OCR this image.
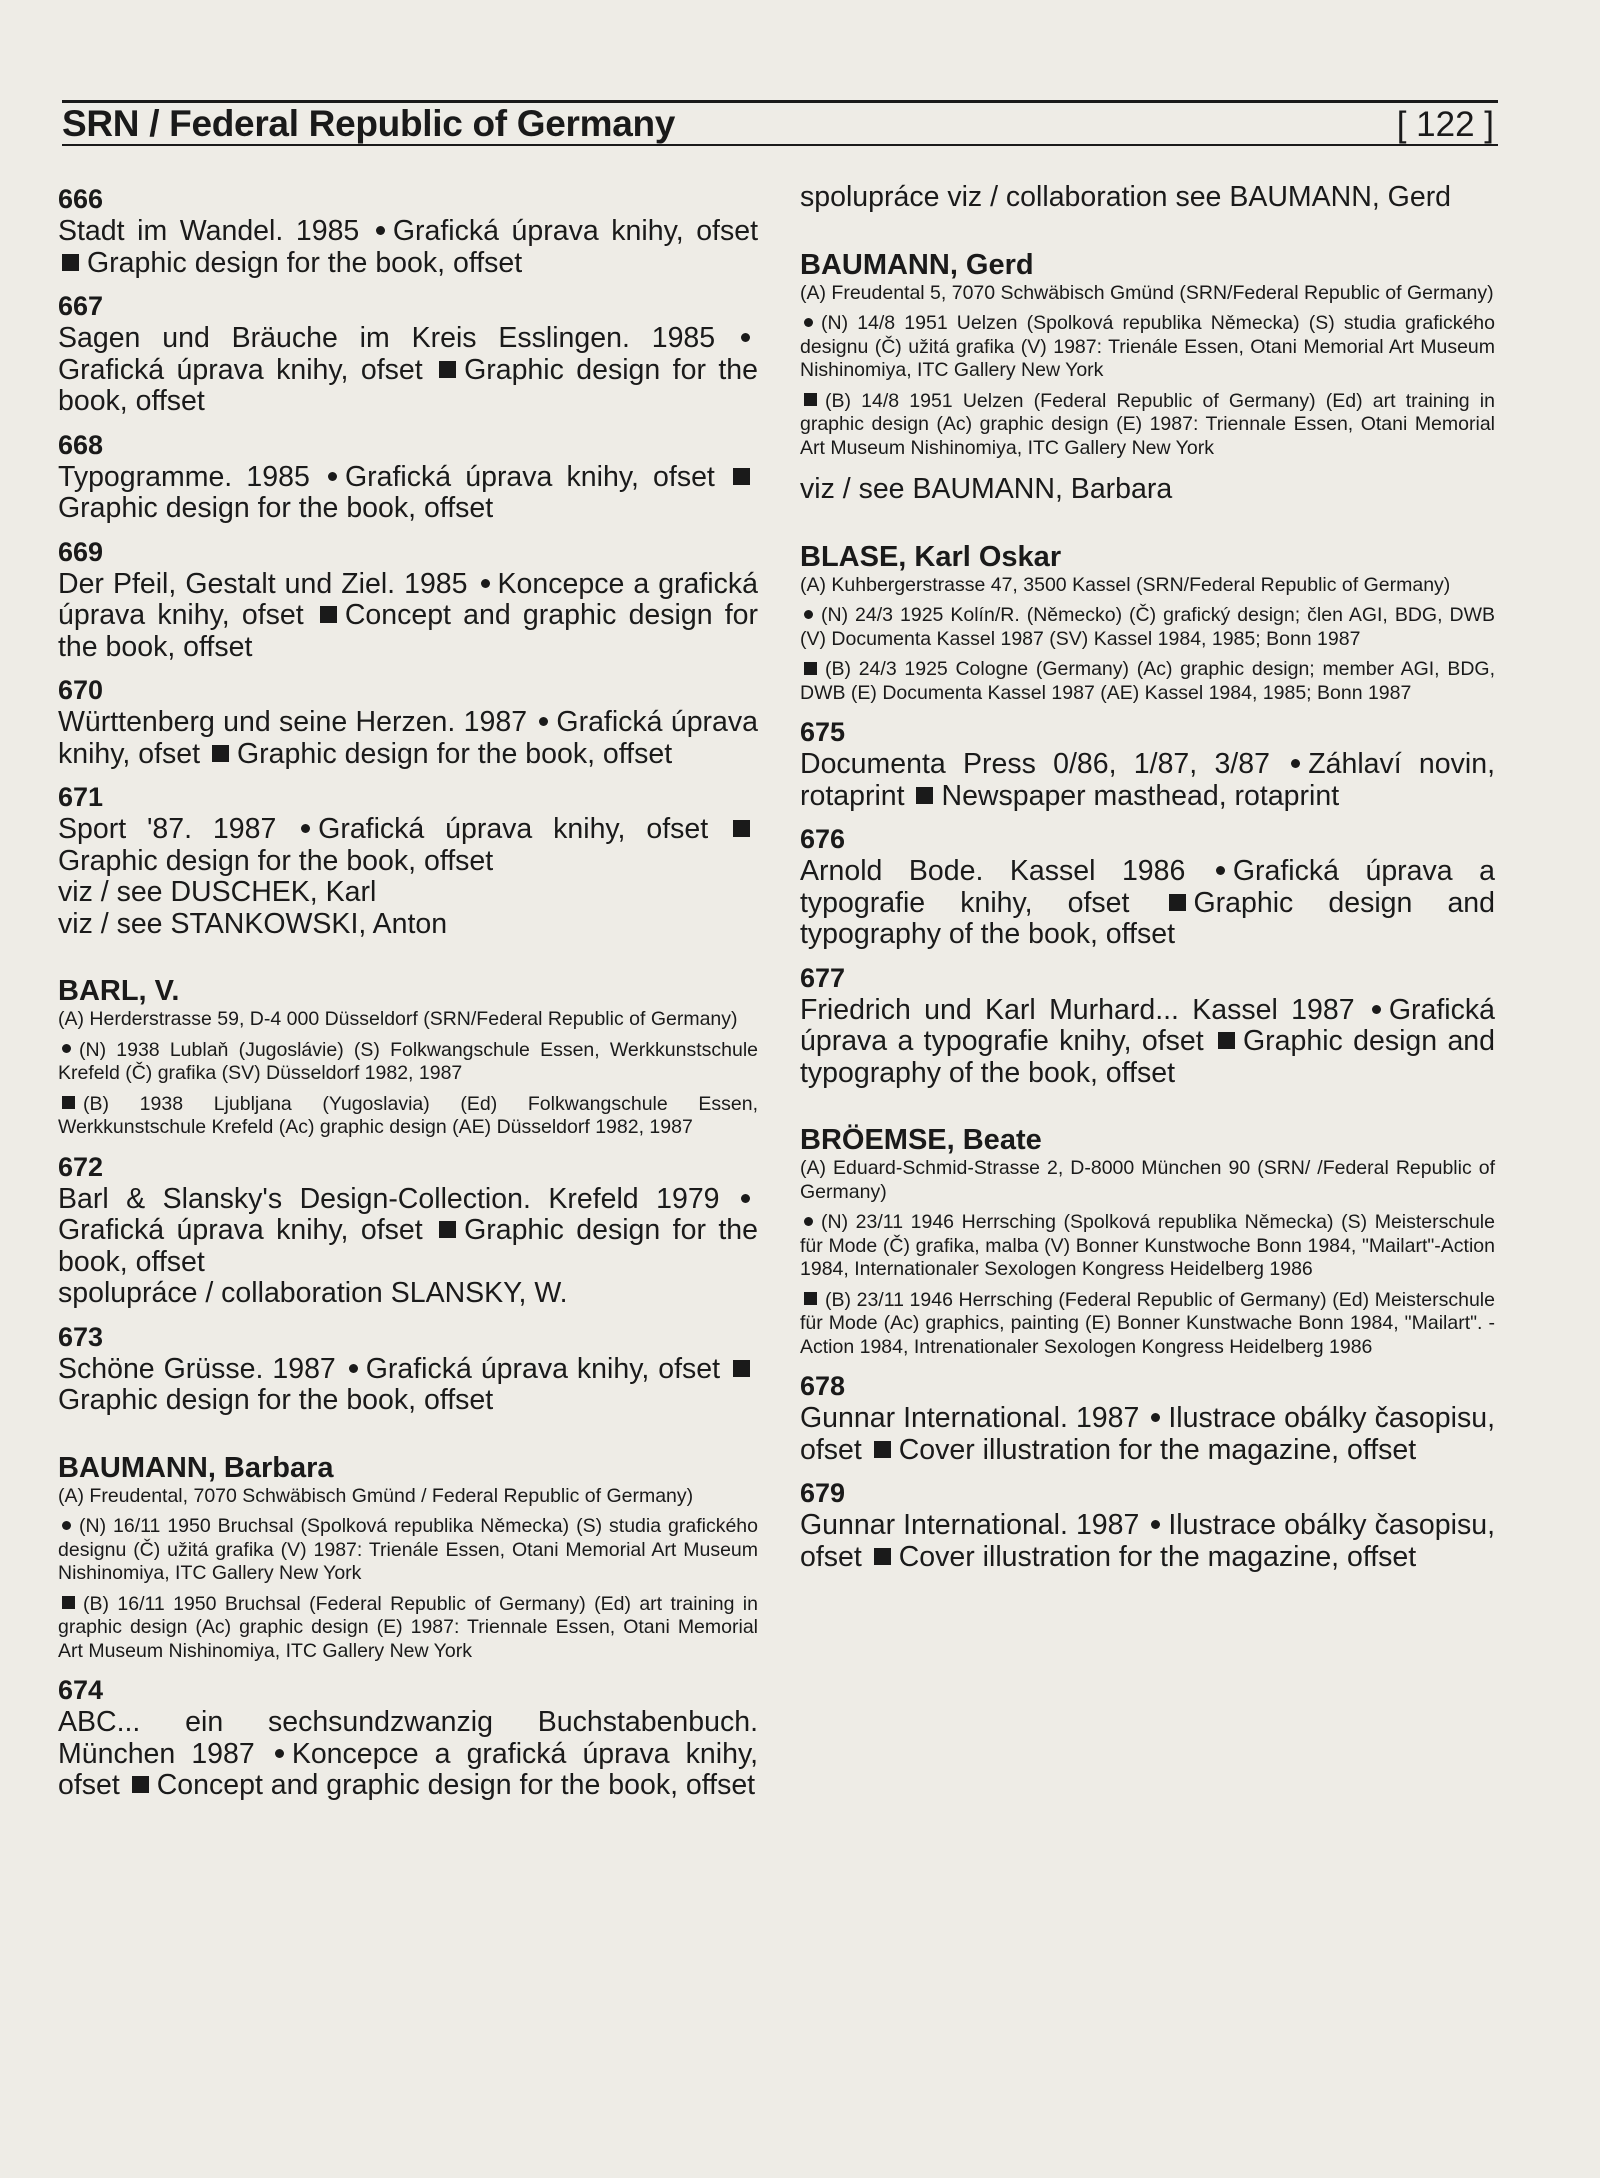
SRN / Federal Republic of Germany	[ 122 ]
666
Stadt im Wandel. 1985 Grafická úprava knihy, ofset Graphic design for the book, offset
667
Sagen und Bräuche im Kreis Esslingen. 1985 Grafická úprava knihy, ofset Graphic design for the book, offset
668
Typogramme. 1985 Grafická úprava knihy, ofset Graphic design for the book, offset
669
Der Pfeil, Gestalt und Ziel. 1985 Koncepce a grafická úprava knihy, ofset Concept and graphic design for the book, offset
670
Württenberg und seine Herzen. 1987 Grafická úprava knihy, ofset Graphic design for the book, offset
671
Sport '87. 1987 Grafická úprava knihy, ofset Graphic design for the book, offset
viz / see DUSCHEK, Karl
viz / see STANKOWSKI, Anton
BARL, V.
(A) Herderstrasse 59, D-4 000 Düsseldorf (SRN/Federal Republic of Germany)
(N) 1938 Lublaň (Jugoslávie) (S) Folkwangschule Essen, Werkkunstschule Krefeld (Č) grafika (SV) Düsseldorf 1982, 1987
(B) 1938 Ljubljana (Yugoslavia) (Ed) Folkwangschule Essen, Werkkunstschule Krefeld (Ac) graphic design (AE) Düsseldorf 1982, 1987
672
Barl & Slansky's Design-Collection. Krefeld 1979 Grafická úprava knihy, ofset Graphic design for the book, offset
spolupráce / collaboration SLANSKY, W.
673
Schöne Grüsse. 1987 Grafická úprava knihy, ofset Graphic design for the book, offset
BAUMANN, Barbara
(A) Freudental, 7070 Schwäbisch Gmünd / Federal Republic of Germany)
(N) 16/11 1950 Bruchsal (Spolková republika Německa) (S) studia grafického designu (Č) užitá grafika (V) 1987: Trienále Essen, Otani Memorial Art Museum Nishinomiya, ITC Gallery New York
(B) 16/11 1950 Bruchsal (Federal Republic of Germany) (Ed) art training in graphic design (Ac) graphic design (E) 1987: Triennale Essen, Otani Memorial Art Museum Nishinomiya, ITC Gallery New York
674
ABC... ein sechsundzwanzig Buchstabenbuch. München 1987 Koncepce a grafická úprava knihy, ofset Concept and graphic design for the book, offset
spolupráce viz / collaboration see BAUMANN, Gerd
BAUMANN, Gerd
(A) Freudental 5, 7070 Schwäbisch Gmünd (SRN/Federal Republic of Germany)
(N) 14/8 1951 Uelzen (Spolková republika Německa) (S) studia grafického designu (Č) užitá grafika (V) 1987: Trienále Essen, Otani Memorial Art Museum Nishinomiya, ITC Gallery New York
(B) 14/8 1951 Uelzen (Federal Republic of Germany) (Ed) art training in graphic design (Ac) graphic design (E) 1987: Triennale Essen, Otani Memorial Art Museum Nishinomiya, ITC Gallery New York
viz / see BAUMANN, Barbara
BLASE, Karl Oskar
(A) Kuhbergerstrasse 47, 3500 Kassel (SRN/Federal Republic of Germany)
(N) 24/3 1925 Kolín/R. (Německo) (Č) grafický design; člen AGI, BDG, DWB (V) Documenta Kassel 1987 (SV) Kassel 1984, 1985; Bonn 1987
(B) 24/3 1925 Cologne (Germany) (Ac) graphic design; member AGI, BDG, DWB (E) Documenta Kassel 1987 (AE) Kassel 1984, 1985; Bonn 1987
675
Documenta Press 0/86, 1/87, 3/87 Záhlaví novin, rotaprint Newspaper masthead, rotaprint
676
Arnold Bode. Kassel 1986 Grafická úprava a typografie knihy, ofset Graphic design and typography of the book, offset
677
Friedrich und Karl Murhard... Kassel 1987 Grafická úprava a typografie knihy, ofset Graphic design and typography of the book, offset
BRÖEMSE, Beate
(A) Eduard-Schmid-Strasse 2, D-8000 München 90 (SRN/ /Federal Republic of Germany)
(N) 23/11 1946 Herrsching (Spolková republika Německa) (S) Meisterschule für Mode (Č) grafika, malba (V) Bonner Kunstwoche Bonn 1984, "Mailart"-Action 1984, Internationaler Sexologen Kongress Heidelberg 1986
(B) 23/11 1946 Herrsching (Federal Republic of Germany) (Ed) Meisterschule für Mode (Ac) graphics, painting (E) Bonner Kunstwache Bonn 1984, "Mailart". -Action 1984, Intrenationaler Sexologen Kongress Heidelberg 1986
678
Gunnar International. 1987 Ilustrace obálky časopisu, ofset Cover illustration for the magazine, offset
679
Gunnar International. 1987 Ilustrace obálky časopisu, ofset Cover illustration for the magazine, offset
